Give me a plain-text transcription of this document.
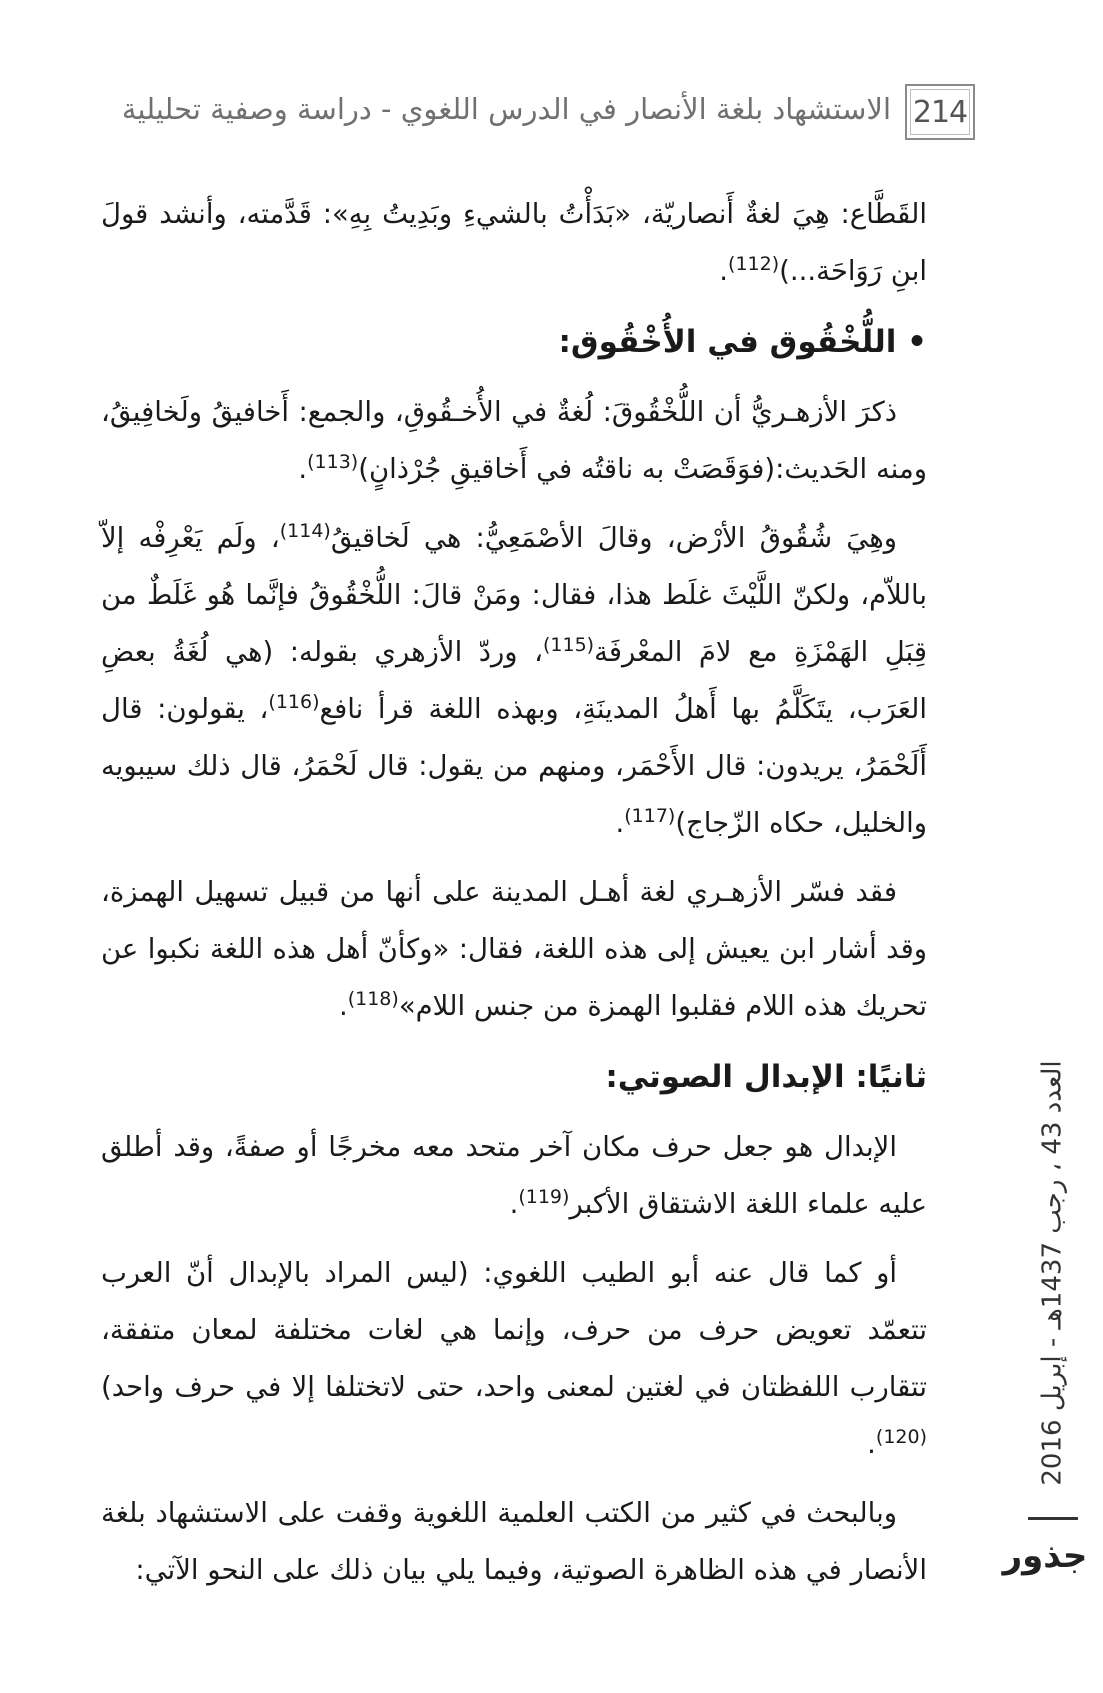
214
الاستشهاد بلغة الأنصار في الدرس اللغوي - دراسة وصفية تحليلية

القَطَّاع: هِيَ لغةٌ أَنصاريّة، «بَدَأْتُ بالشيءِ وبَدِيتُ بِهِ»: قَدَّمته، وأنشد قولَ ابنِ رَوَاحَة...)$^{(112)}$.

• اللُّخْقُوق في الأُخْقُوق:

ذكرَ الأزهـريُّ أن اللُّخْقُوقَ: لُغةٌ في الأُخـقُوقِ، والجمع: أَخافيقُ ولَخافِيقُ، ومنه الحَديث:(فوَقَصَتْ به ناقتُه في أَخاقيقِ جُرْذانٍ)$^{(113)}$.

وهِيَ شُقُوقُ الأرْض، وقالَ الأصْمَعِيُّ: هي لَخاقيقُ$^{(114)}$، ولَم يَعْرِفْه إلاّ باللاّم، ولكنّ اللَّيْثَ غلَط هذا، فقال: ومَنْ قالَ: اللُّخْقُوقُ فإنَّما هُو غَلَطٌ من قِبَلِ الهَمْزَةِ مع لامَ المعْرفَة$^{(115)}$، وردّ الأزهري بقوله: (هي لُغَةُ بعضِ العَرَب، يتَكَلَّمُ بها أَهلُ المدينَةِ، وبهذه اللغة قرأ نافع$^{(116)}$، يقولون: قال أَلَحْمَرُ، يريدون: قال الأَحْمَر، ومنهم من يقول: قال لَحْمَرُ، قال ذلك سيبويه والخليل، حكاه الزّجاج)$^{(117)}$.

فقد فسّر الأزهـري لغة أهـل المدينة على أنها من قبيل تسهيل الهمزة، وقد أشار ابن يعيش إلى هذه اللغة، فقال: «وكأنّ أهل هذه اللغة نكبوا عن تحريك هذه اللام فقلبوا الهمزة من جنس اللام»$^{(118)}$.

ثانيًا: الإبدال الصوتي:

الإبدال هو جعل حرف مكان آخر متحد معه مخرجًا أو صفةً، وقد أطلق عليه علماء اللغة الاشتقاق الأكبر$^{(119)}$.

أو كما قال عنه أبو الطيب اللغوي: (ليس المراد بالإبدال أنّ العرب تتعمّد تعويض حرف من حرف، وإنما هي لغات مختلفة لمعان متفقة، تتقارب اللفظتان في لغتين لمعنى واحد، حتى لاتختلفا إلا في حرف واحد)$^{(120)}$.

وبالبحث في كثير من الكتب العلمية اللغوية وقفت على الاستشهاد بلغة الأنصار في هذه الظاهرة الصوتية، وفيما يلي بيان ذلك على النحو الآتي:

العدد 43 ، رجب 1437هـ - إبريل 2016
جذور
